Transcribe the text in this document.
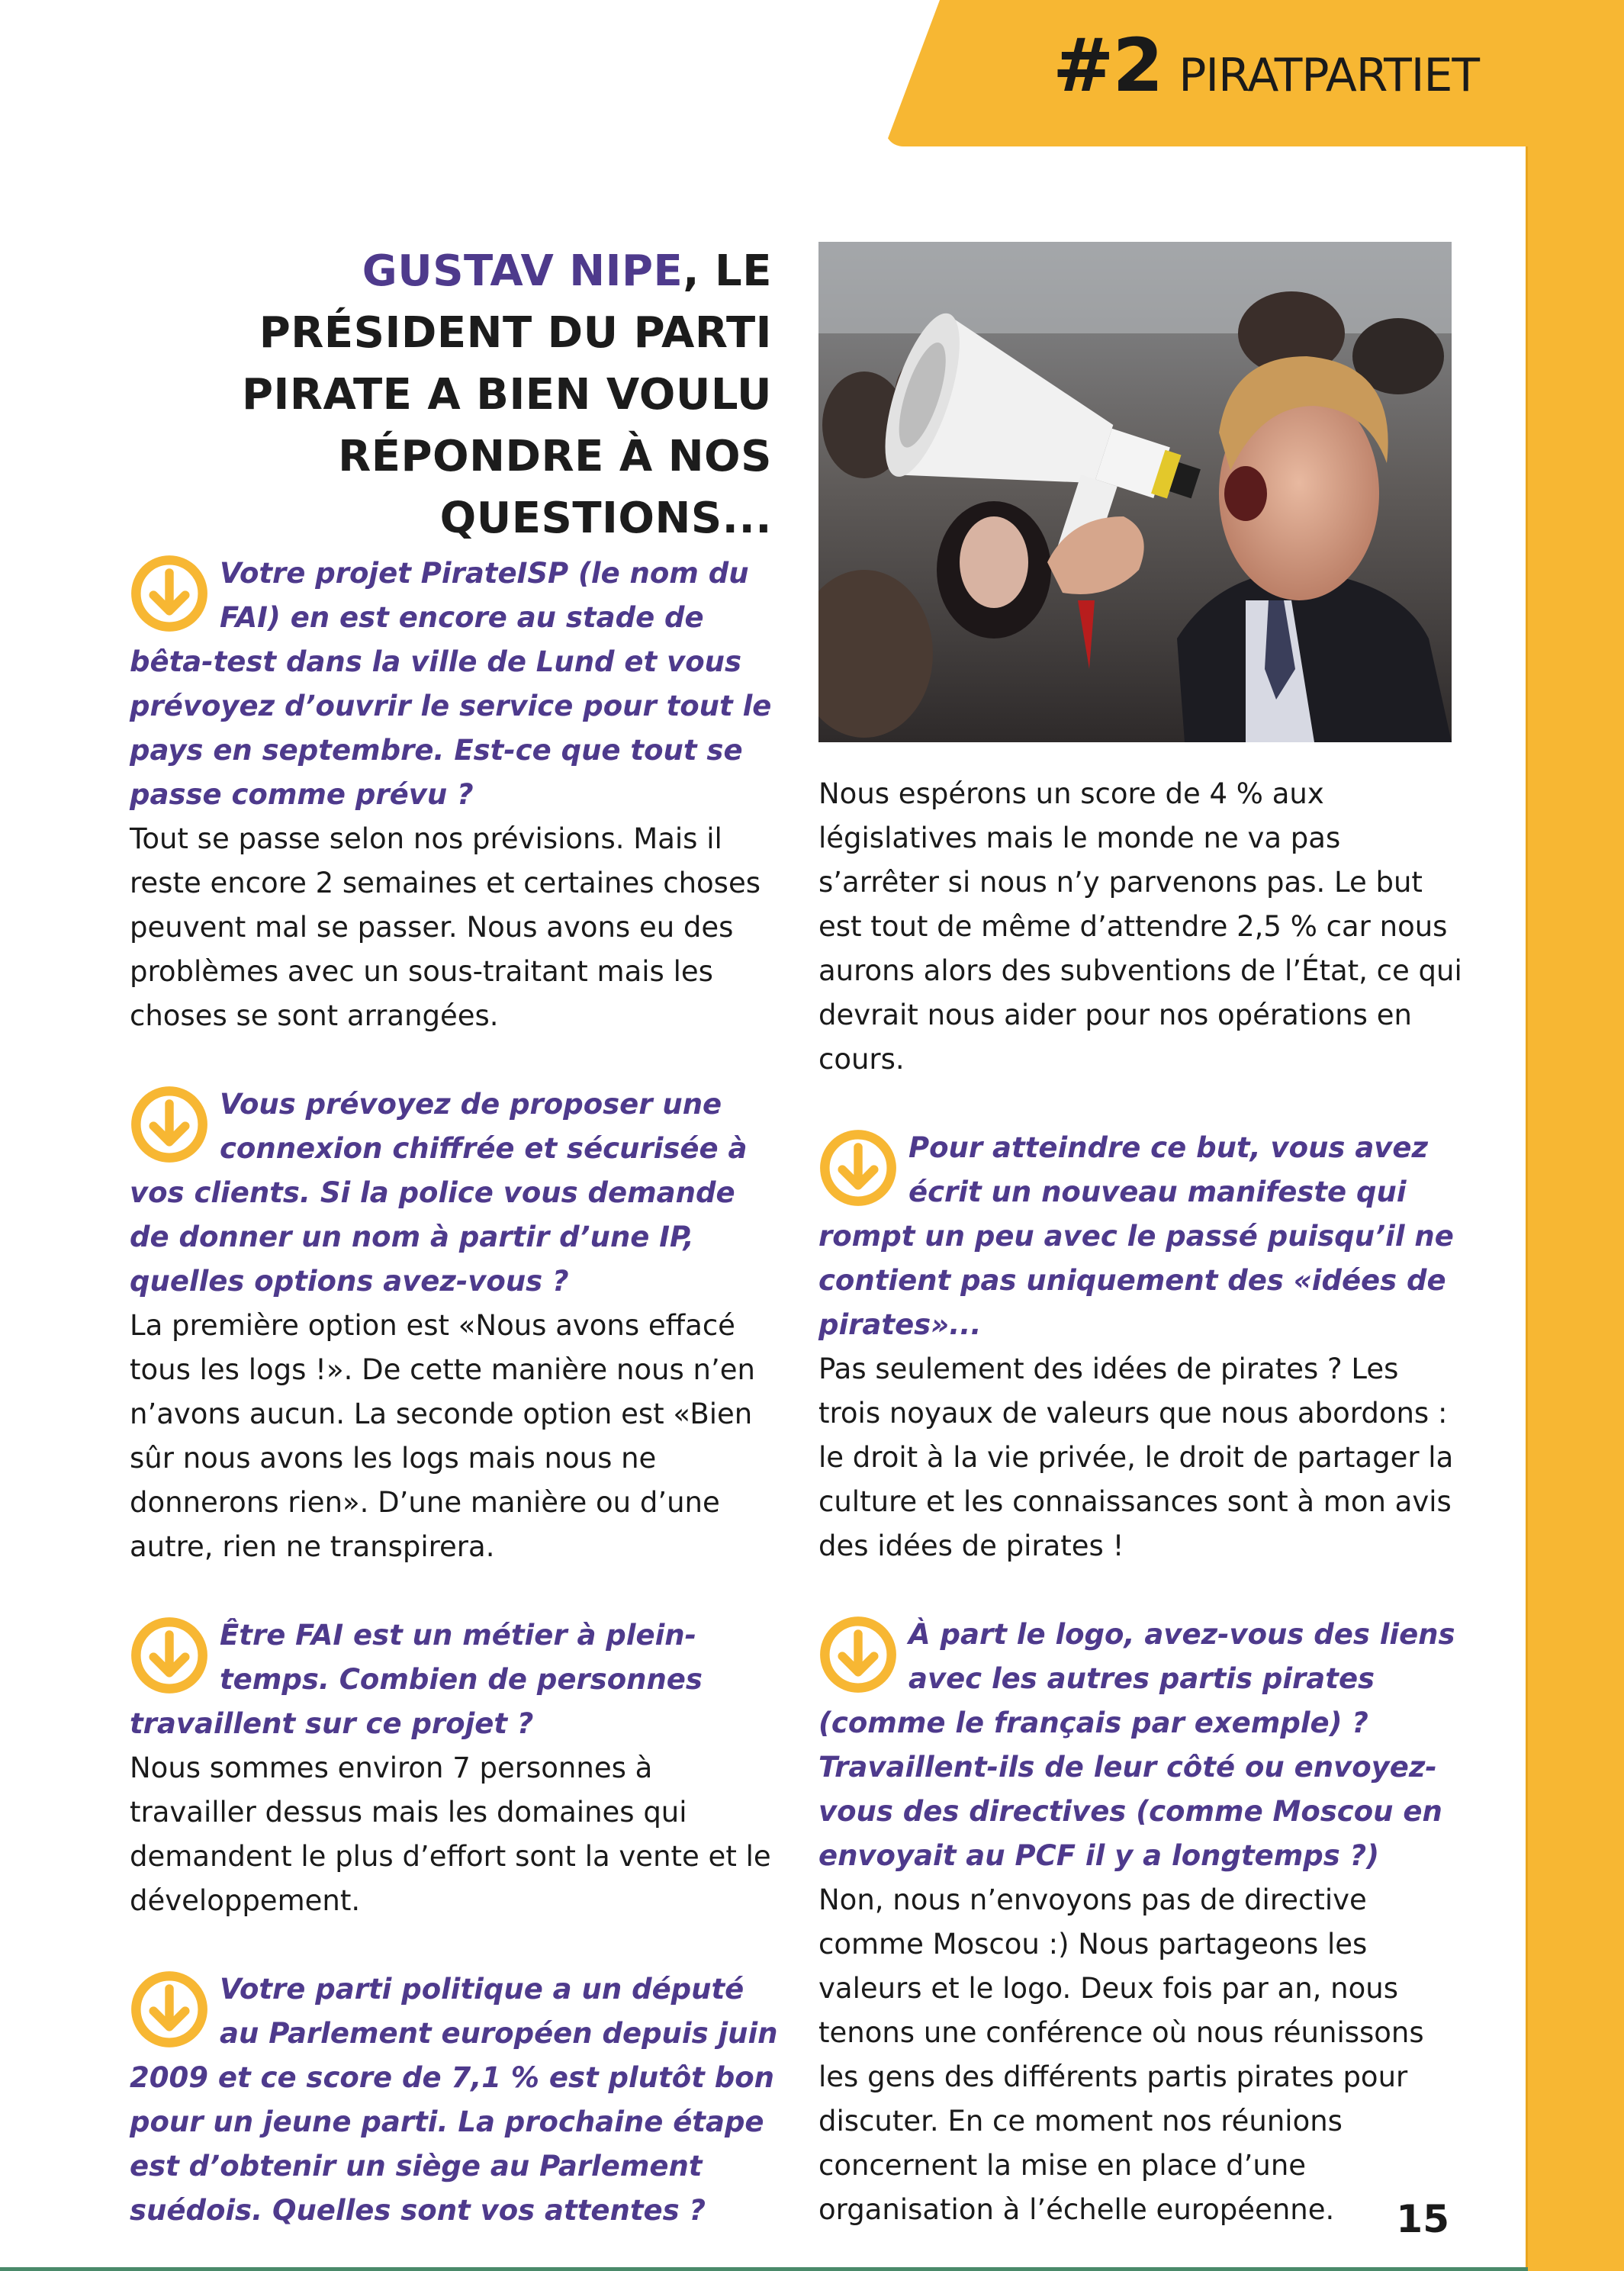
#2 PIRATPARTIET
GUSTAV NIPE, LE PRÉSIDENT DU PARTI PIRATE A BIEN VOULU RÉPONDRE À NOS QUESTIONS...
Votre projet PirateISP (le nom du FAI) en est encore au stade de bêta-test dans la ville de Lund et vous prévoyez d’ouvrir le service pour tout le pays en septembre. Est-ce que tout se passe comme prévu ?
Tout se passe selon nos prévisions. Mais il reste encore 2 semaines et certaines choses peuvent mal se passer. Nous avons eu des problèmes avec un sous-traitant mais les choses se sont arrangées.
Vous prévoyez de proposer une connexion chiffrée et sécurisée à vos clients. Si la police vous demande de donner un nom à partir d’une IP, quelles options avez-vous ?
La première option est «Nous avons effacé tous les logs !». De cette manière nous n’en n’avons aucun. La seconde option est «Bien sûr nous avons les logs mais nous ne donnerons rien». D’une manière ou d’une autre, rien ne transpirera.
Être FAI est un métier à plein-temps. Combien de personnes travaillent sur ce projet ?
Nous sommes environ 7 personnes à travailler dessus mais les domaines qui demandent le plus d’effort sont la vente et le développement.
Votre parti politique a un député au Parlement européen depuis juin 2009 et ce score de 7,1 % est plutôt bon pour un jeune parti. La prochaine étape est d’obtenir un siège au Parlement suédois. Quelles sont vos attentes ?
Nous espérons un score de 4 % aux législatives mais le monde ne va pas s’arrêter si nous n’y parvenons pas. Le but est tout de même d’attendre 2,5 % car nous aurons alors des subventions de l’État, ce qui devrait nous aider pour nos opérations en cours.
Pour atteindre ce but, vous avez écrit un nouveau manifeste qui rompt un peu avec le passé puisqu’il ne contient pas uniquement des «idées de pirates»...
Pas seulement des idées de pirates ? Les trois noyaux de valeurs que nous abordons : le droit à la vie privée, le droit de partager la culture et les connaissances sont à mon avis des idées de pirates !
À part le logo, avez-vous des liens avec les autres partis pirates (comme le français par exemple) ? Travaillent-ils de leur côté ou envoyez-vous des directives (comme Moscou en envoyait au PCF il y a longtemps ?)
Non, nous n’envoyons pas de directive comme Moscou :) Nous partageons les valeurs et le logo. Deux fois par an, nous tenons une conférence où nous réunissons les gens des différents partis pirates pour discuter. En ce moment nos réunions concernent la mise en place d’une organisation à l’échelle européenne.	15
